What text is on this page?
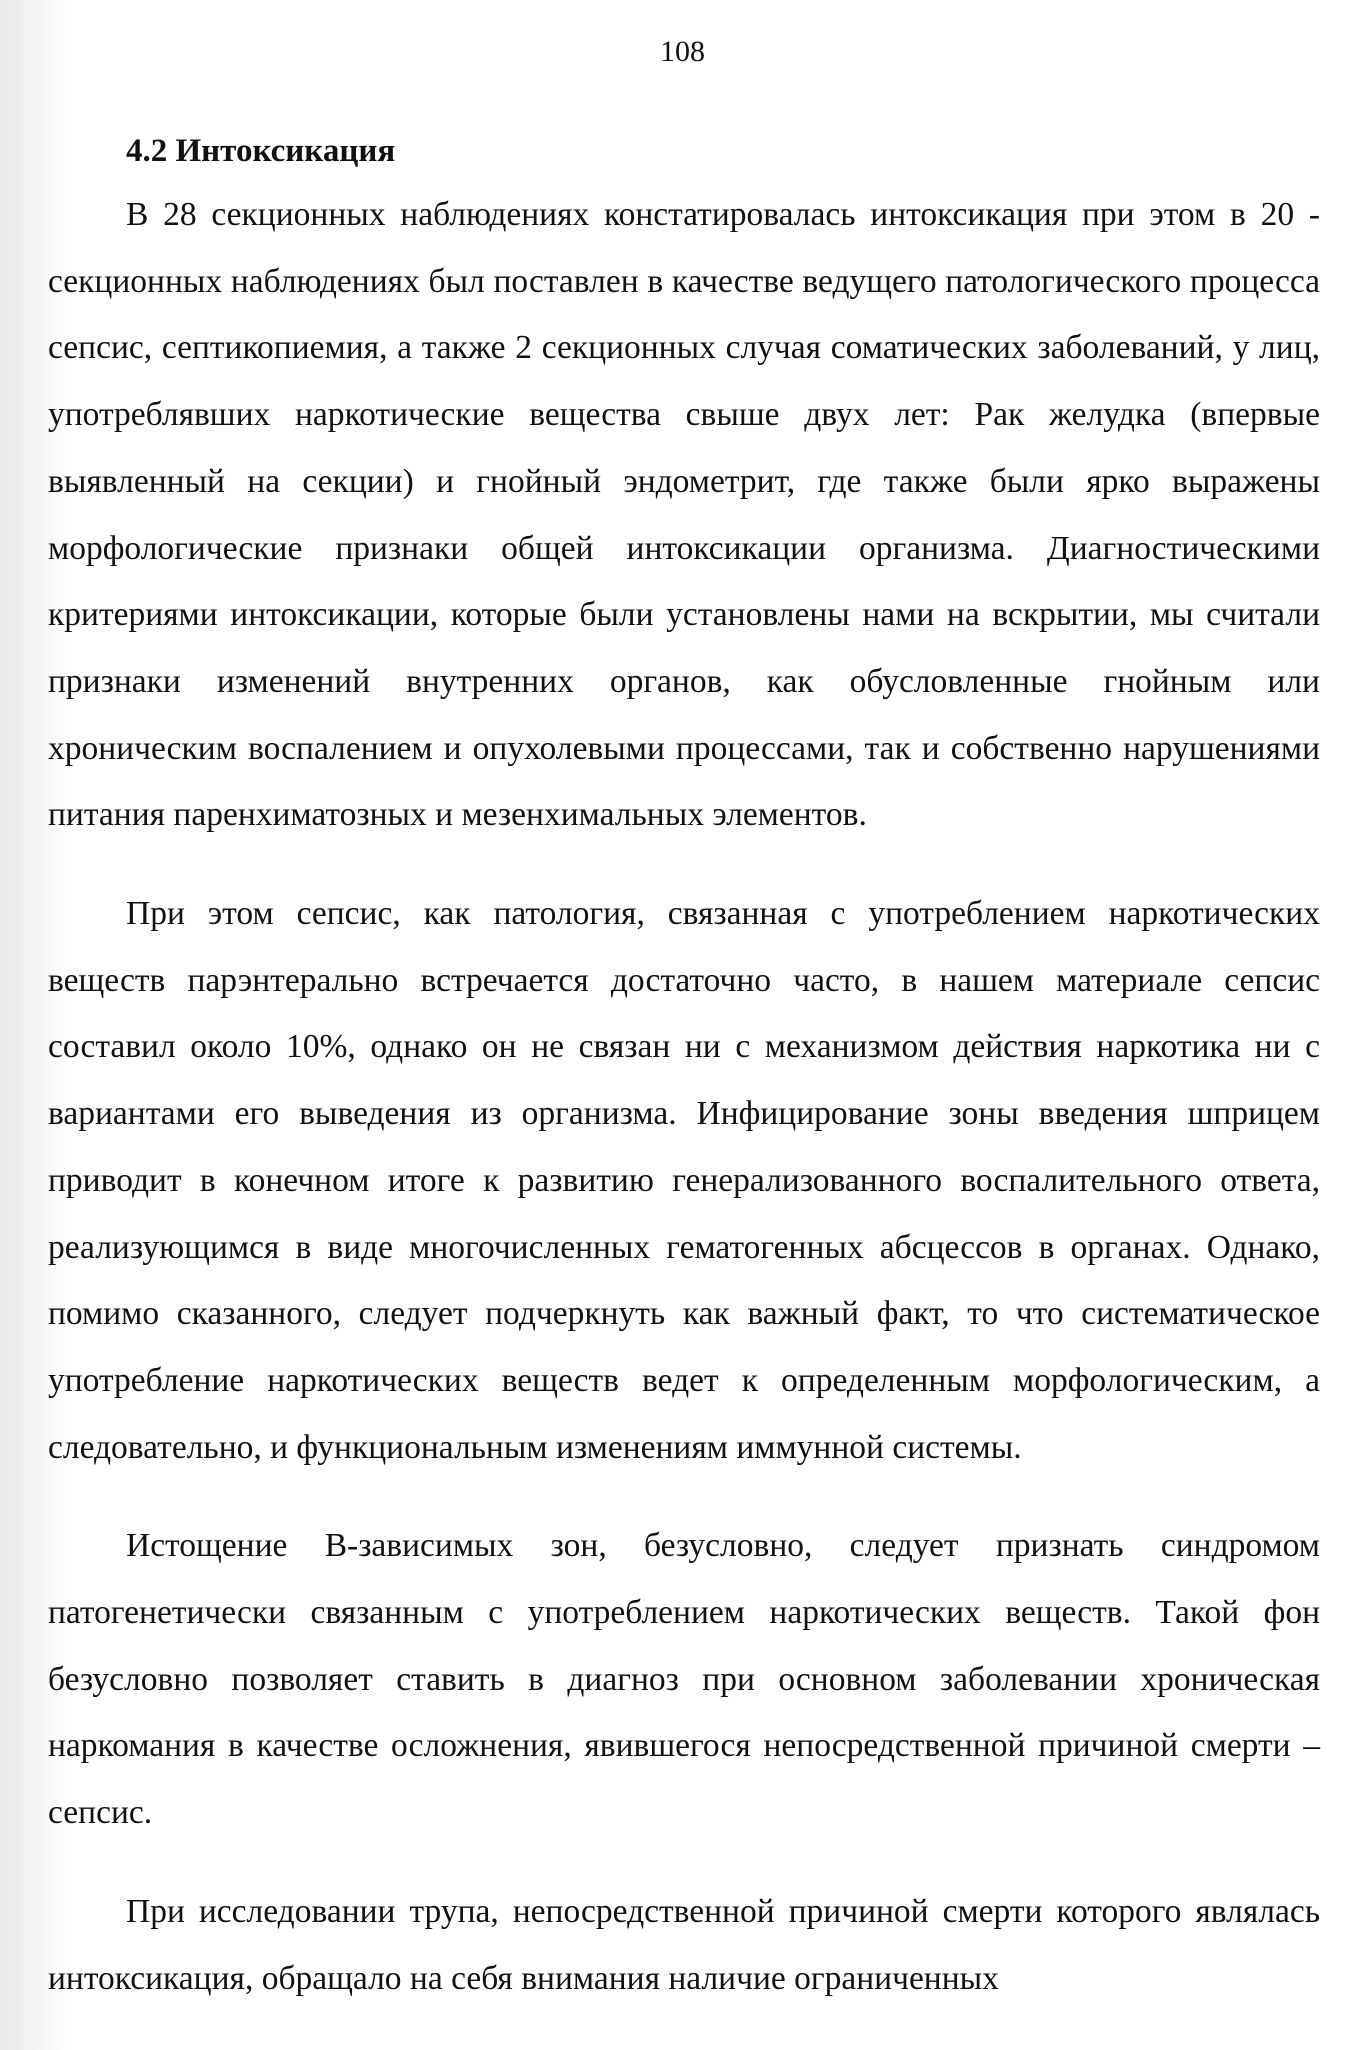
108
4.2 Интоксикация

В 28 секционных наблюдениях констатировалась интоксикация при этом в 20 - секционных наблюдениях был поставлен в качестве ведущего патологического процесса сепсис, септикопиемия, а также 2 секционных случая соматических заболеваний, у лиц, употреблявших наркотические вещества свыше двух лет: Рак желудка (впервые выявленный на секции) и гнойный эндометрит, где также были ярко выражены морфологические признаки общей интоксикации организма. Диагностическими критериями интоксикации, которые были установлены нами на вскрытии, мы считали признаки изменений внутренних органов, как обусловленные гнойным или хроническим воспалением и опухолевыми процессами, так и собственно нарушениями питания паренхиматозных и мезенхимальных элементов.

При этом сепсис, как патология, связанная с употреблением наркотических веществ парэнтерально встречается достаточно часто, в нашем материале сепсис составил около 10%, однако он не связан ни с механизмом действия наркотика ни с вариантами его выведения из организма. Инфицирование зоны введения шприцем приводит в конечном итоге к развитию генерализованного воспалительного ответа, реализующимся в виде многочисленных гематогенных абсцессов в органах. Однако, помимо сказанного, следует подчеркнуть как важный факт, то что систематическое употребление наркотических веществ ведет к определенным морфологическим, а следовательно, и функциональным изменениям иммунной системы.

Истощение В-зависимых зон, безусловно, следует признать синдромом патогенетически связанным с употреблением наркотических веществ. Такой фон безусловно позволяет ставить в диагноз при основном заболевании хроническая наркомания в качестве осложнения, явившегося непосредственной причиной смерти – сепсис.

При исследовании трупа, непосредственной причиной смерти которого являлась интоксикация, обращало на себя внимания наличие ограниченных
